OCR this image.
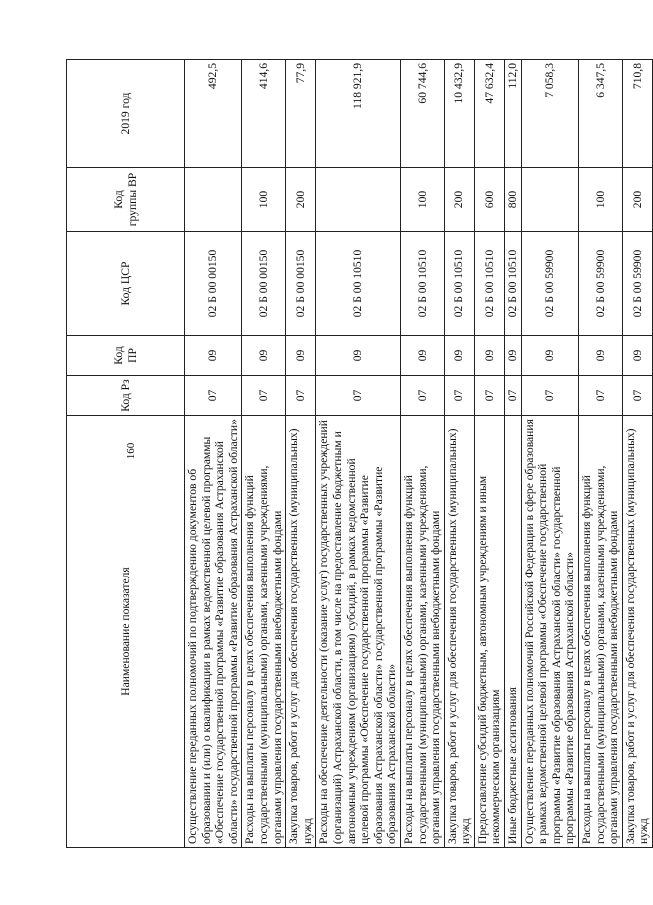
160
Наименование показателя	Код Рз	Код ПР	Код ЦСР	Код группы ВР	2019 год
Осуществление переданных полномочий по подтверждению документов об образовании и (или) о квалификации в рамках ведомственной целевой программы «Обеспечение государственной программы «Развитие образования Астраханской области» государственной программы «Развитие образования Астраханской области»	07	09	02 Б 00 00150		492,5
Расходы на выплаты персоналу в целях обеспечения выполнения функций государственными (муниципальными) органами, казенными учреждениями, органами управления государственными внебюджетными фондами	07	09	02 Б 00 00150	100	414,6
Закупка товаров, работ и услуг для обеспечения государственных (муниципальных) нужд	07	09	02 Б 00 00150	200	77,9
Расходы на обеспечение деятельности (оказание услуг) государственных учреждений (организаций) Астраханской области, в том числе на предоставление бюджетным и автономным учреждениям (организациям) субсидий, в рамках ведомственной целевой программы «Обеспечение государственной программы «Развитие образования Астраханской области» государственной программы «Развитие образования Астраханской области»	07	09	02 Б 00 10510		118 921,9
Расходы на выплаты персоналу в целях обеспечения выполнения функций государственными (муниципальными) органами, казенными учреждениями, органами управления государственными внебюджетными фондами	07	09	02 Б 00 10510	100	60 744,6
Закупка товаров, работ и услуг для обеспечения государственных (муниципальных) нужд	07	09	02 Б 00 10510	200	10 432,9
Предоставление субсидий бюджетным, автономным учреждениям и иным некоммерческим организациям	07	09	02 Б 00 10510	600	47 632,4
Иные бюджетные ассигнования	07	09	02 Б 00 10510	800	112,0
Осуществление переданных полномочий Российской Федерации в сфере образования в рамках ведомственной целевой программы «Обеспечение государственной программы «Развитие образования Астраханской области» государственной программы «Развитие образования Астраханской области»	07	09	02 Б 00 59900		7 058,3
Расходы на выплаты персоналу в целях обеспечения выполнения функций государственными (муниципальными) органами, казенными учреждениями, органами управления государственными внебюджетными фондами	07	09	02 Б 00 59900	100	6 347,5
Закупка товаров, работ и услуг для обеспечения государственных (муниципальных) нужд	07	09	02 Б 00 59900	200	710,8
